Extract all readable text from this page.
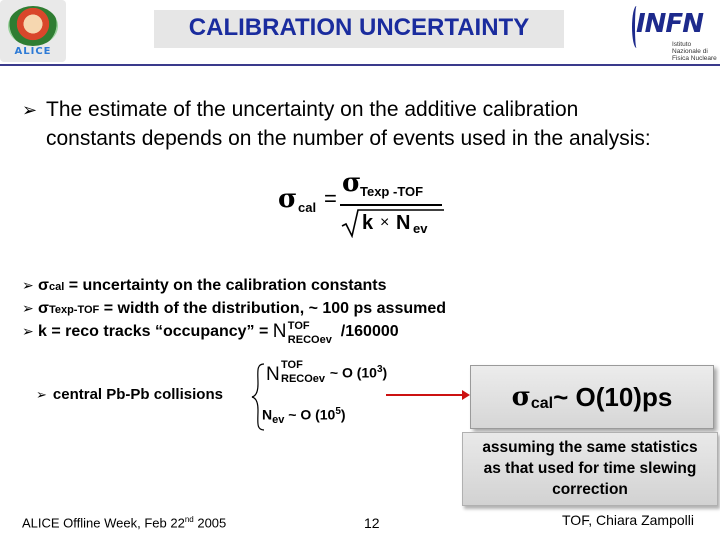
ALICE
CALIBRATION UNCERTAINTY	INFN
Istituto Nazionale di Fisica Nucleare
➢ The estimate of the uncertainty on the additive calibration
constants depends on the number of events used in the analysis:
σ cal =
σ
Texp -TOF
k × N ev
➢ σcal = uncertainty on the calibration constants
➢ σTexp-TOF = width of the distribution, ~ 100 ps assumed
➢ k = reco tracks “occupancy” = N TOF
RECOev /160000
➢ central Pb-Pb collisions
N TOF
RECOev ~ O $(10^3)$
$N_{ev}$ ~ O $(10^5)$
σ cal ~ O(10)ps
assuming the same statistics
as that used for time slewing
correction
ALICE Offline Week, Feb 22nd 2005	12	TOF, Chiara Zampolli
